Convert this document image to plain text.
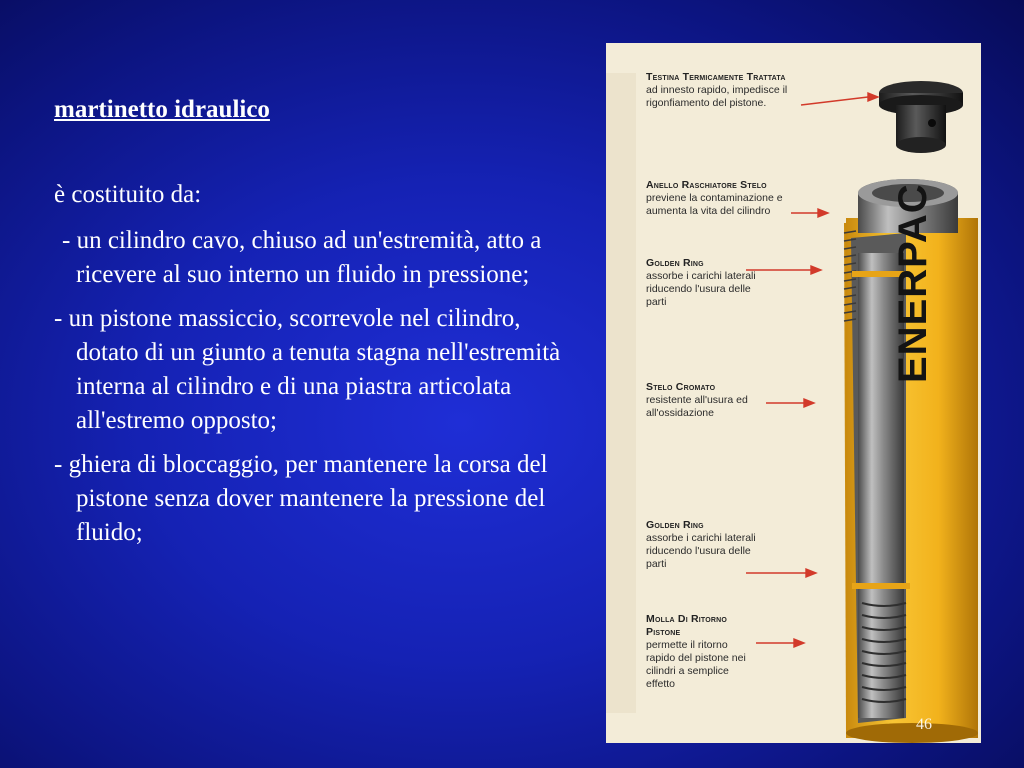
martinetto idraulico

è costituito da:

- un cilindro cavo, chiuso ad un'estremità, atto a ricevere al suo interno un fluido in pressione;

- un pistone massiccio, scorrevole nel cilindro, dotato di un giunto a tenuta stagna nell'estremità interna al cilindro e di una piastra articolata all'estremo opposto;

- ghiera di bloccaggio, per mantenere la corsa del pistone senza dover mantenere la pressione del fluido;

Testina Termicamente Trattata
ad innesto rapido, impedisce il rigonfiamento del pistone.

Anello Raschiatore Stelo
previene la contaminazione e aumenta la vita del cilindro

Golden Ring
assorbe i carichi laterali riducendo l'usura delle parti

Stelo Cromato
resistente all'usura ed all'ossidazione

Golden Ring
assorbe i carichi laterali riducendo l'usura delle parti

Molla Di Ritorno Pistone
permette il ritorno rapido del pistone nei cilindri a semplice effetto

ENERPAC

46
